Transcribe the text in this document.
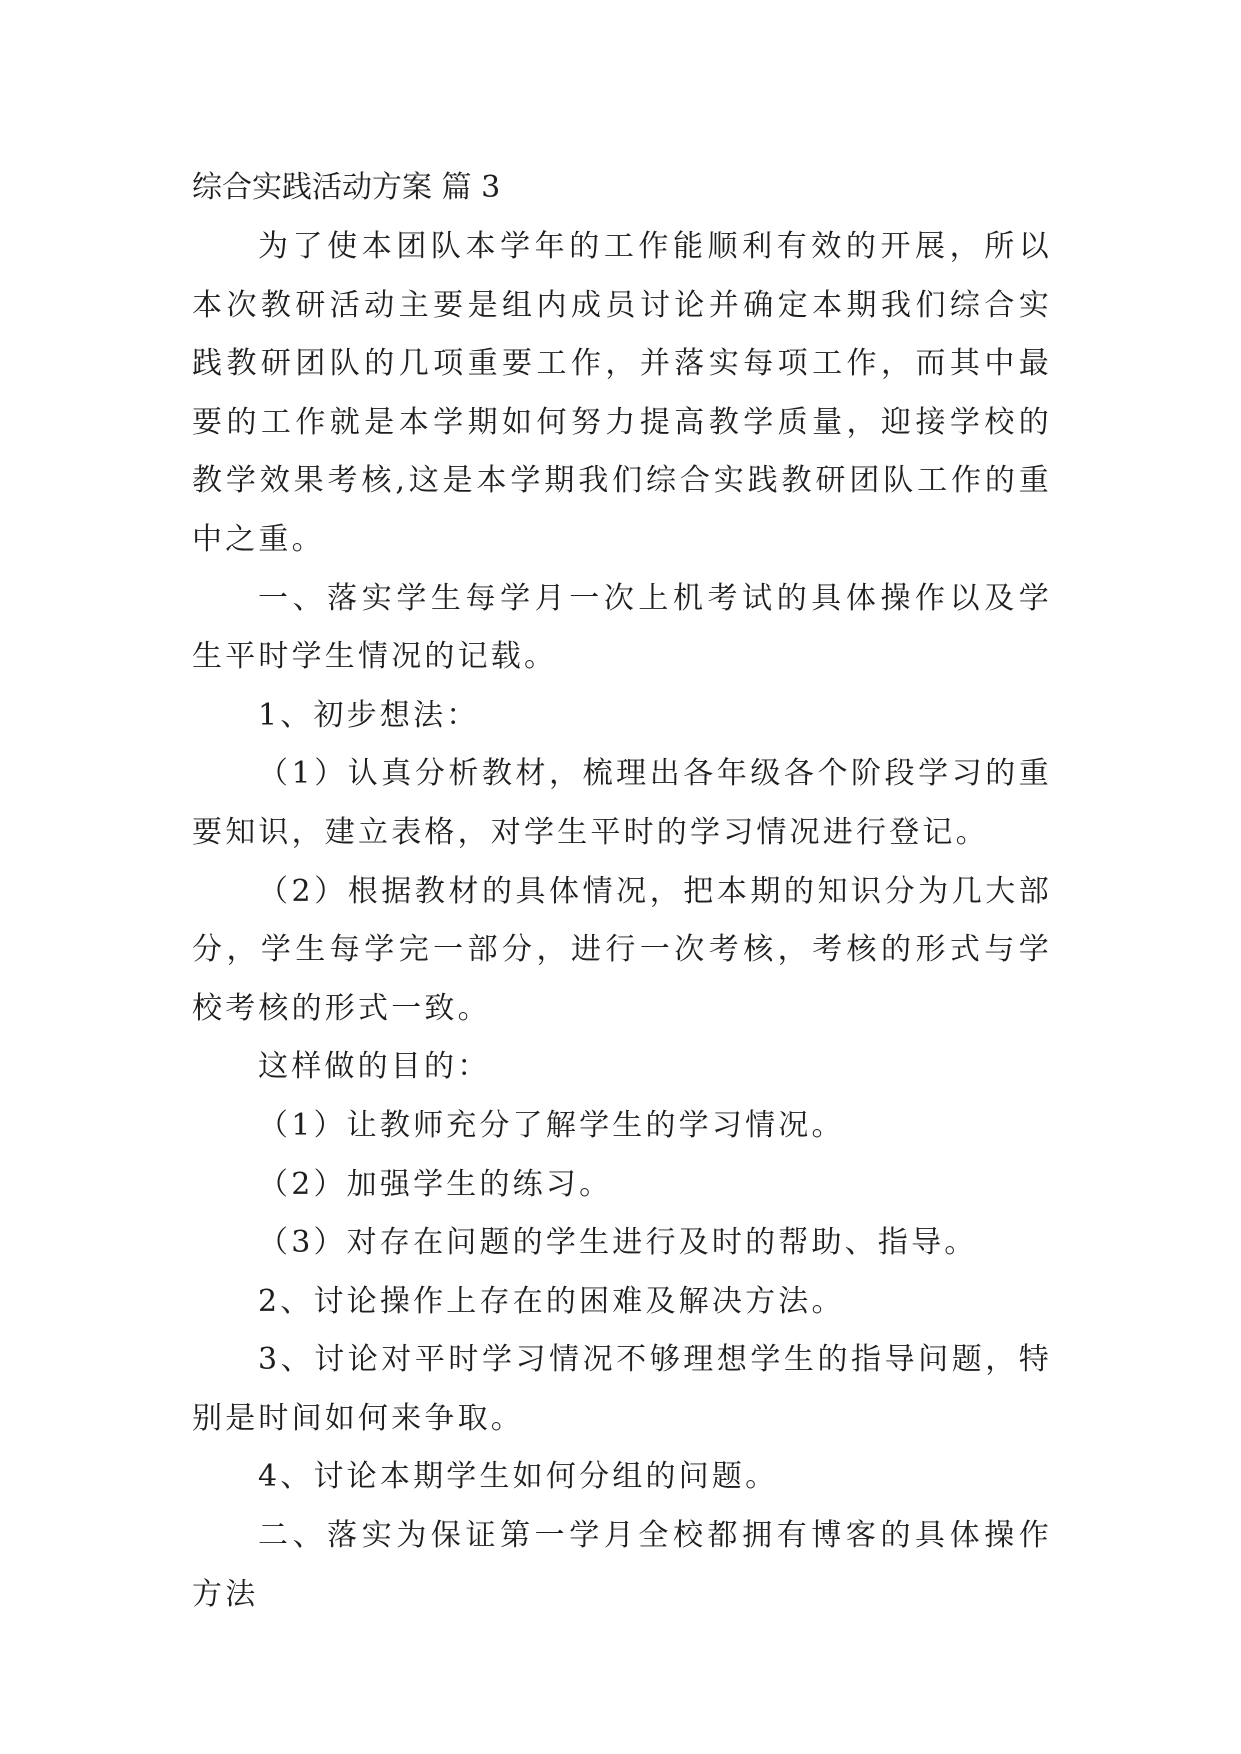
综合实践活动方案 篇 3

为了使本团队本学年的工作能顺利有效的开展，所以本次教研活动主要是组内成员讨论并确定本期我们综合实践教研团队的几项重要工作，并落实每项工作，而其中最要的工作就是本学期如何努力提高教学质量，迎接学校的教学效果考核,这是本学期我们综合实践教研团队工作的重中之重。

一、落实学生每学月一次上机考试的具体操作以及学生平时学生情况的记载。

1、初步想法：

（1）认真分析教材，梳理出各年级各个阶段学习的重要知识，建立表格，对学生平时的学习情况进行登记。

（2）根据教材的具体情况，把本期的知识分为几大部分，学生每学完一部分，进行一次考核，考核的形式与学校考核的形式一致。

这样做的目的：

（1）让教师充分了解学生的学习情况。

（2）加强学生的练习。

（3）对存在问题的学生进行及时的帮助、指导。

2、讨论操作上存在的困难及解决方法。

3、讨论对平时学习情况不够理想学生的指导问题，特别是时间如何来争取。

4、讨论本期学生如何分组的问题。

二、落实为保证第一学月全校都拥有博客的具体操作方法
